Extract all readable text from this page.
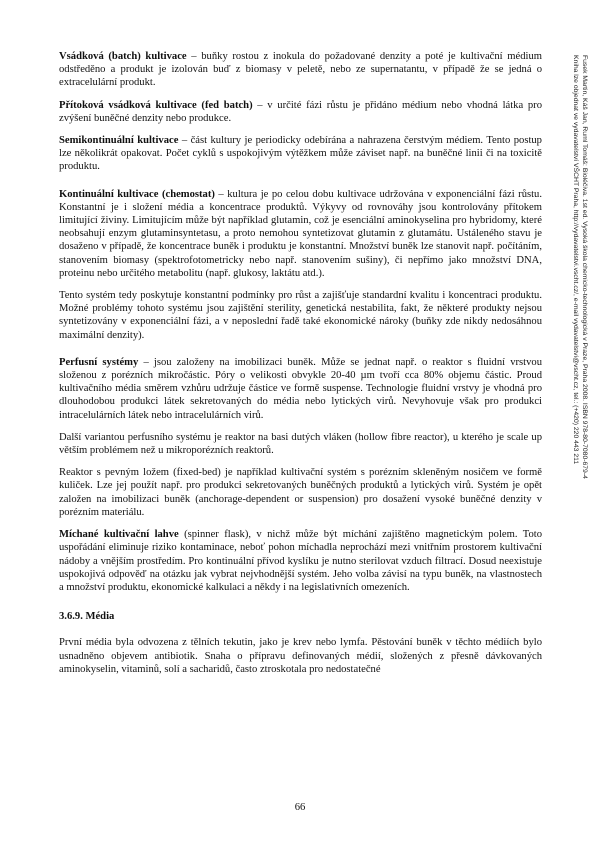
Vsádková (batch) kultivace – buňky rostou z inokula do požadované denzity a poté je kultivační médium odstředěno a produkt je izolován buď z biomasy v peletě, nebo ze supernatantu, v případě že se jedná o extracelulární produkt.

Přítoková vsádková kultivace (fed batch) – v určité fázi růstu je přidáno médium nebo vhodná látka pro zvýšení buněčné denzity nebo produkce.

Semikontinuální kultivace – část kultury je periodicky odebírána a nahrazena čerstvým médiem. Tento postup lze několikrát opakovat. Počet cyklů s uspokojivým výtěžkem může záviset např. na buněčné linii či na toxicitě produktu.

Kontinuální kultivace (chemostat) – kultura je po celou dobu kultivace udržována v exponenciální fázi růstu. Konstantní je i složení média a koncentrace produktů. Výkyvy od rovnováhy jsou kontrolovány přítokem limitující živiny. Limitujícím může být například glutamin, což je esenciální aminokyselina pro hybridomy, které neobsahují enzym glutaminsyntetasu, a proto nemohou syntetizovat glutamin z glutamátu. Ustáleného stavu je dosaženo v případě, že koncentrace buněk i produktu je konstantní. Množství buněk lze stanovit např. počítáním, stanovením biomasy (spektrofotometricky nebo např. stanovením sušiny), či nepřímo jako množství DNA, proteinu nebo určitého metabolitu (např. glukosy, laktátu atd.).

Tento systém tedy poskytuje konstantní podmínky pro růst a zajišťuje standardní kvalitu i koncentraci produktu. Možné problémy tohoto systému jsou zajištění sterility, genetická nestabilita, fakt, že některé produkty nejsou syntetizovány v exponenciální fázi, a v neposlední řadě také ekonomické nároky (buňky zde nikdy nedosáhnou maximální denzity).

Perfusní systémy – jsou založeny na imobilizaci buněk. Může se jednat např. o reaktor s fluidní vrstvou složenou z porézních mikročástic. Póry o velikosti obvykle 20-40 µm tvoří cca 80% objemu částic. Proud kultivačního média směrem vzhůru udržuje částice ve formě suspense. Technologie fluidní vrstvy je vhodná pro dlouhodobou produkci látek sekretovaných do média nebo lytických virů. Nevyhovuje však pro produkci intracelulárních látek nebo intracelulárních virů.

Další variantou perfusního systému je reaktor na basi dutých vláken (hollow fibre reactor), u kterého je scale up větším problémem než u mikroporézních reaktorů.

Reaktor s pevným ložem (fixed-bed) je například kultivační systém s porézním skleněným nosičem ve formě kuliček. Lze jej použít např. pro produkci sekretovaných buněčných produktů a lytických virů. Systém je opět založen na imobilizaci buněk (anchorage-dependent or suspension) pro dosažení vysoké buněčné denzity v porézním materiálu.

Míchané kultivační lahve (spinner flask), v nichž může být míchání zajištěno magnetickým polem. Toto uspořádání eliminuje riziko kontaminace, neboť pohon míchadla neprochází mezi vnitřním prostorem kultivační nádoby a vnějším prostředím. Pro kontinuální přívod kyslíku je nutno sterilovat vzduch filtrací. Dosud neexistuje uspokojivá odpověď na otázku jak vybrat nejvhodnější systém. Jeho volba závisí na typu buněk, na vlastnostech a množství produktu, ekonomické kalkulaci a někdy i na legislativních omezeních.

3.6.9. Média

První média byla odvozena z tělních tekutin, jako je krev nebo lymfa. Pěstování buněk v těchto médiích bylo usnadněno objevem antibiotik. Snaha o přípravu definovaných médií, složených z přesně dávkovaných aminokyselin, vitaminů, solí a sacharidů, často ztroskotala pro nedostatečné

Fusek Martin, Káš Jan, Ruml Tomáš: Bioléčiva. 1st ed. Vysoká škola chemicko-technologická v Praze, Praha 2008. ISBN 978-80-7080-679-4
Kniha lze objednat ve vydavatelství VŠCHT Praha, http://vydavatelstvi.vscht.cz/, e-mail vydavatelstvi@vscht.cz, tel.: (+420) 220 443 211
66
